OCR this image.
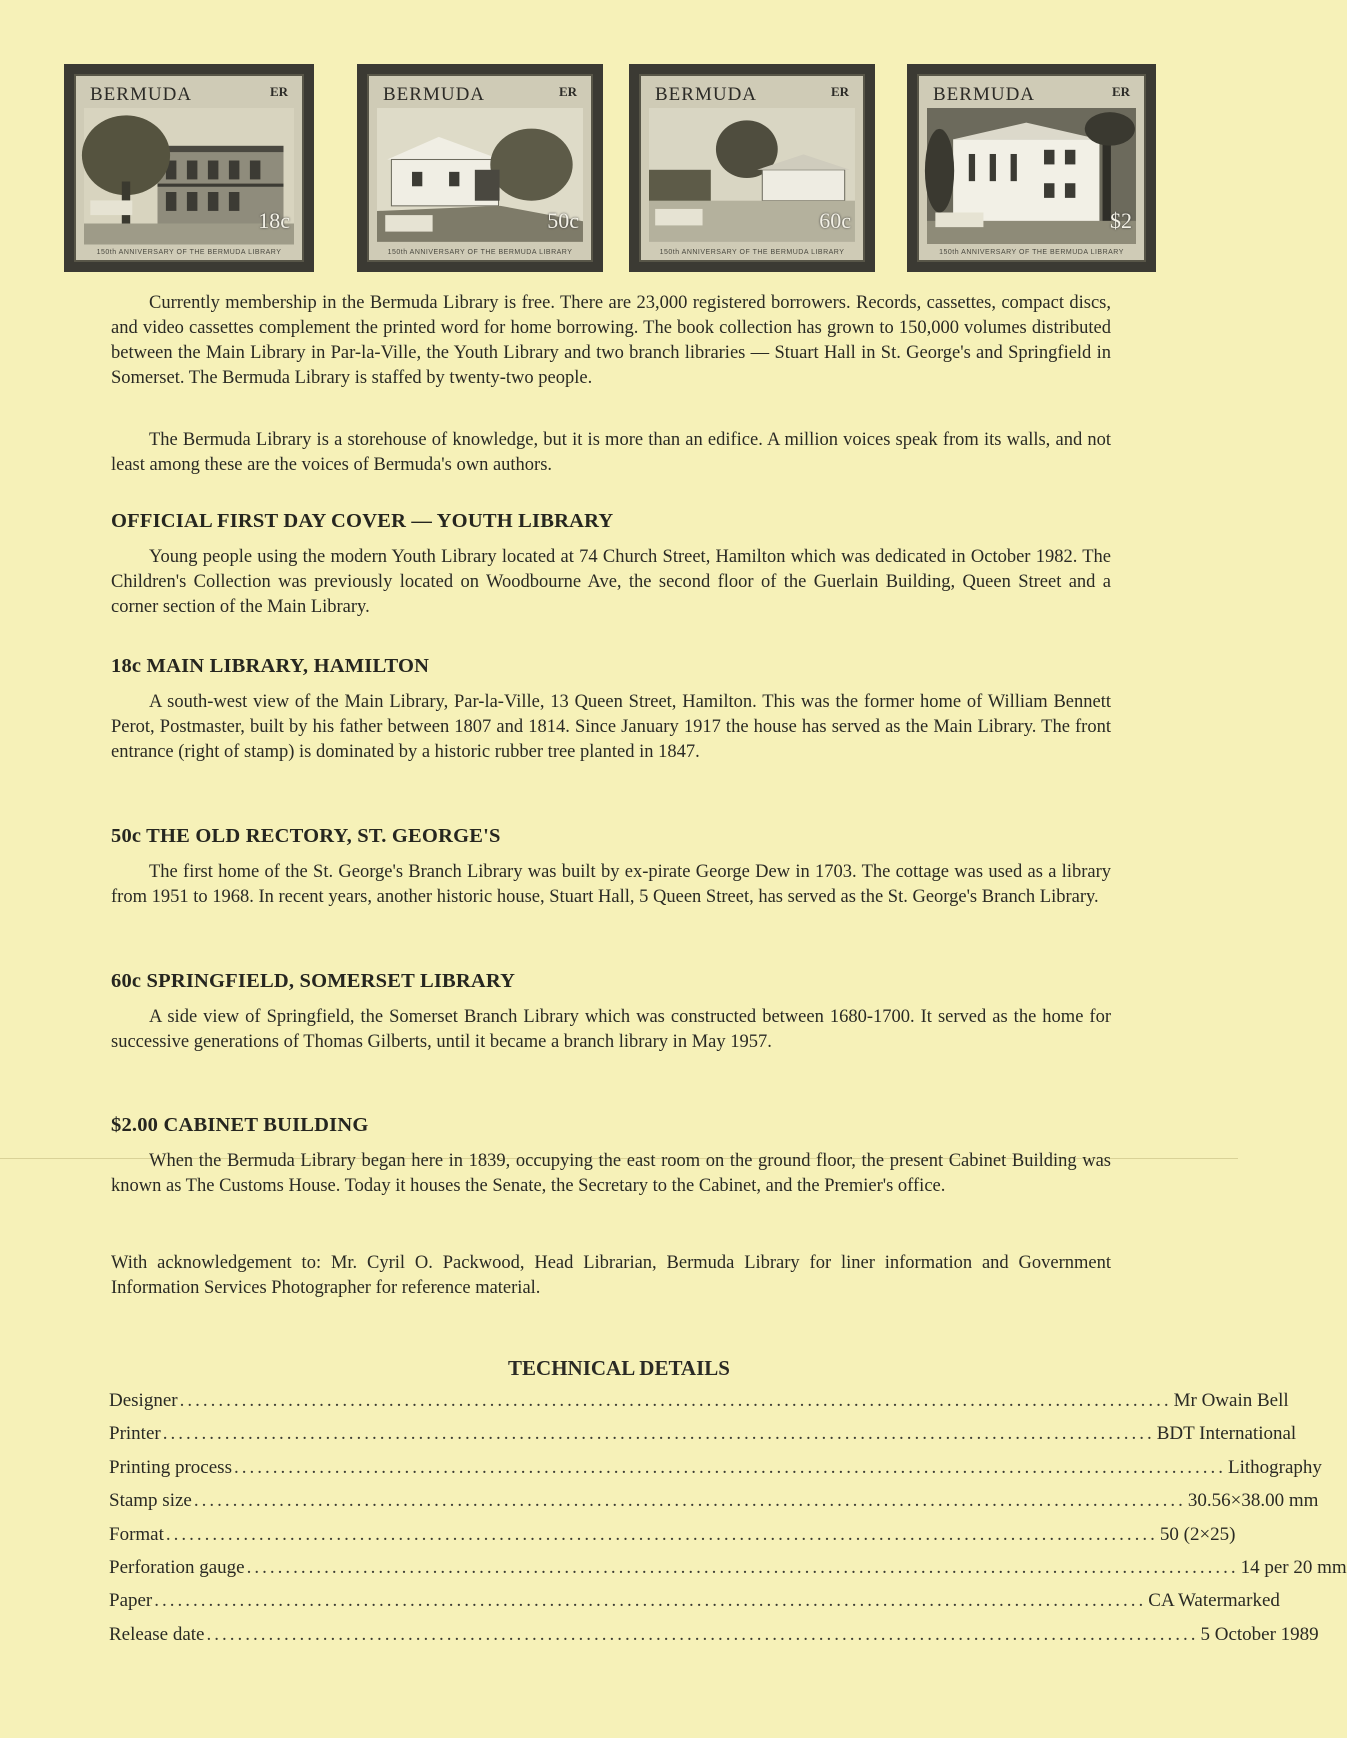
BERMUDA	ER
18c
150th ANNIVERSARY OF THE BERMUDA LIBRARY
BERMUDA	ER
50c
150th ANNIVERSARY OF THE BERMUDA LIBRARY
BERMUDA	ER
60c
150th ANNIVERSARY OF THE BERMUDA LIBRARY
BERMUDA	ER
$2
150th ANNIVERSARY OF THE BERMUDA LIBRARY

Currently membership in the Bermuda Library is free. There are 23,000 registered borrowers. Records, cassettes, compact discs, and video cassettes complement the printed word for home borrowing. The book collection has grown to 150,000 volumes distributed between the Main Library in Par-la-Ville, the Youth Library and two branch libraries — Stuart Hall in St. George's and Springfield in Somerset. The Bermuda Library is staffed by twenty-two people.

The Bermuda Library is a storehouse of knowledge, but it is more than an edifice. A million voices speak from its walls, and not least among these are the voices of Bermuda's own authors.

OFFICIAL FIRST DAY COVER — YOUTH LIBRARY

Young people using the modern Youth Library located at 74 Church Street, Hamilton which was dedicated in October 1982. The Children's Collection was previously located on Woodbourne Ave, the second floor of the Guerlain Building, Queen Street and a corner section of the Main Library.

18c MAIN LIBRARY, HAMILTON

A south-west view of the Main Library, Par-la-Ville, 13 Queen Street, Hamilton. This was the former home of William Bennett Perot, Postmaster, built by his father between 1807 and 1814. Since January 1917 the house has served as the Main Library. The front entrance (right of stamp) is dominated by a historic rubber tree planted in 1847.

50c THE OLD RECTORY, ST. GEORGE'S

The first home of the St. George's Branch Library was built by ex-pirate George Dew in 1703. The cottage was used as a library from 1951 to 1968. In recent years, another historic house, Stuart Hall, 5 Queen Street, has served as the St. George's Branch Library.

60c SPRINGFIELD, SOMERSET LIBRARY

A side view of Springfield, the Somerset Branch Library which was constructed between 1680-1700. It served as the home for successive generations of Thomas Gilberts, until it became a branch library in May 1957.

$2.00 CABINET BUILDING

When the Bermuda Library began here in 1839, occupying the east room on the ground floor, the present Cabinet Building was known as The Customs House. Today it houses the Senate, the Secretary to the Cabinet, and the Premier's office.

With acknowledgement to: Mr. Cyril O. Packwood, Head Librarian, Bermuda Library for liner information and Government Information Services Photographer for reference material.

TECHNICAL DETAILS
Designer ................................................................................................................................ Mr Owain Bell
Printer ................................................................................................................................ BDT International
Printing process ................................................................................................................................ Lithography
Stamp size ................................................................................................................................ 30.56×38.00 mm
Format ................................................................................................................................ 50 (2×25)
Perforation gauge ................................................................................................................................ 14 per 20 mm
Paper ................................................................................................................................ CA Watermarked
Release date ................................................................................................................................ 5 October 1989
